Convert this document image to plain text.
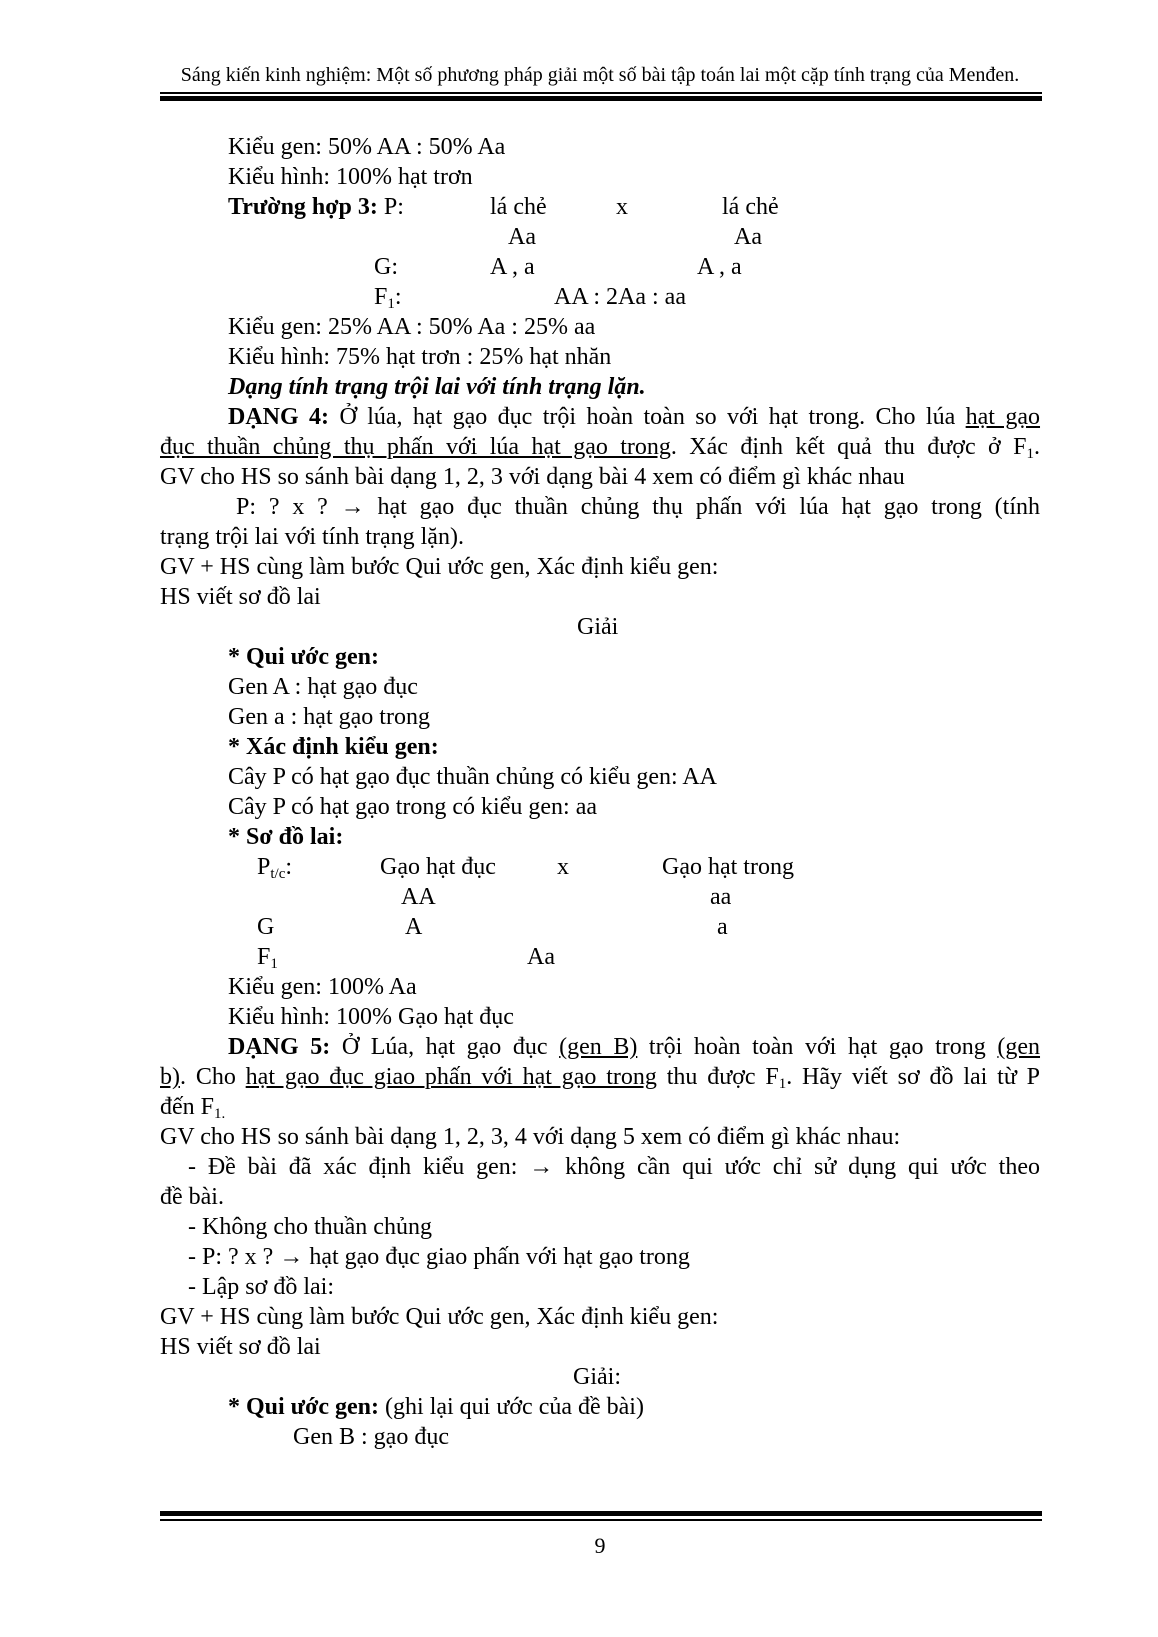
Sáng kiến kinh nghiệm: Một số phương pháp giải một số bài tập toán lai một cặp tính trạng của Menđen.
Kiểu gen: 50% AA : 50% Aa
Kiểu hình: 100% hạt trơn
Trường hợp 3: P:	lá chẻ	x	lá chẻ
Aa	Aa
G:	A , a	A , a
$F_1$:	AA : 2Aa : aa
Kiểu gen: 25% AA : 50% Aa : 25% aa
Kiểu hình: 75% hạt trơn : 25% hạt nhăn
Dạng tính trạng trội lai với tính trạng lặn.
DẠNG 4: Ở lúa, hạt gạo đục trội hoàn toàn so với hạt trong. Cho lúa hạt gạo
đục thuần chủng thụ phấn với lúa hạt gạo trong. Xác định kết quả thu được ở $F_1$.
GV cho HS so sánh bài dạng 1, 2, 3 với dạng bài 4 xem có điểm gì khác nhau
P: ? x ? → hạt gạo đục thuần chủng thụ phấn với lúa hạt gạo trong (tính
trạng trội lai với tính trạng lặn).
GV + HS cùng làm bước Qui ước gen, Xác định kiểu gen:
HS viết sơ đồ lai
Giải
* Qui ước gen:
Gen A : hạt gạo đục
Gen a : hạt gạo trong
* Xác định kiểu gen:
Cây P có hạt gạo đục thuần chủng có kiểu gen: AA
Cây P có hạt gạo trong có kiểu gen: aa
* Sơ đồ lai:
$P_{t/c}$:	Gạo hạt đục	x	Gạo hạt trong
AA	aa
G	A	a
$F_1$	Aa
Kiểu gen: 100% Aa
Kiểu hình: 100% Gạo hạt đục
DẠNG 5: Ở Lúa, hạt gạo đục (gen B) trội hoàn toàn với hạt gạo trong (gen
b). Cho hạt gạo đục giao phấn với hạt gạo trong thu được $F_1$. Hãy viết sơ đồ lai từ P
đến $F_{1.}$
GV cho HS so sánh bài dạng 1, 2, 3, 4 với dạng 5 xem có điểm gì khác nhau:
- Đề bài đã xác định kiểu gen: → không cần qui ước chỉ sử dụng qui ước theo
đề bài.
- Không cho thuần chủng
- P: ? x ? → hạt gạo đục giao phấn với hạt gạo trong
- Lập sơ đồ lai:
GV + HS cùng làm bước Qui ước gen, Xác định kiểu gen:
HS viết sơ đồ lai
Giải:
* Qui ước gen: (ghi lại qui ước của đề bài)
Gen B : gạo đục
9
